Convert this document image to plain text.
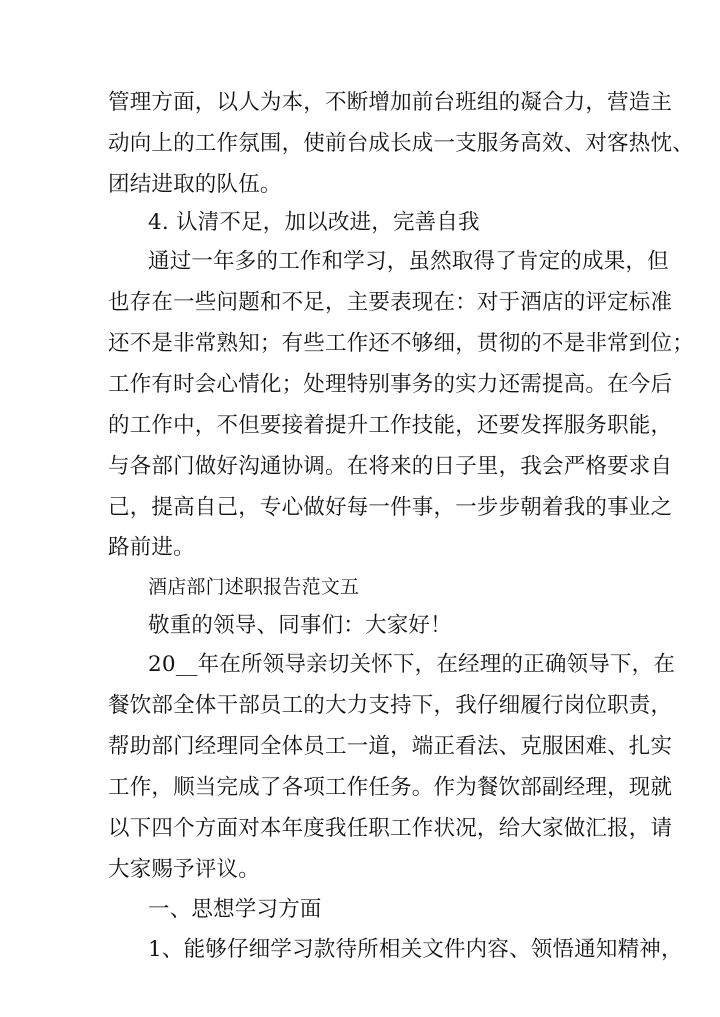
管理方面，以人为本，不断增加前台班组的凝合力，营造主
动向上的工作氛围，使前台成长成一支服务高效、对客热忱、
团结进取的队伍。
4. 认清不足，加以改进，完善自我
通过一年多的工作和学习，虽然取得了肯定的成果，但
也存在一些问题和不足，主要表现在：对于酒店的评定标准
还不是非常熟知；有些工作还不够细，贯彻的不是非常到位；
工作有时会心情化；处理特别事务的实力还需提高。在今后
的工作中，不但要接着提升工作技能，还要发挥服务职能，
与各部门做好沟通协调。在将来的日子里，我会严格要求自
己，提高自己，专心做好每一件事，一步步朝着我的事业之
路前进。
酒店部门述职报告范文五
敬重的领导、同事们：大家好！
20__年在所领导亲切关怀下，在经理的正确领导下，在
餐饮部全体干部员工的大力支持下，我仔细履行岗位职责，
帮助部门经理同全体员工一道，端正看法、克服困难、扎实
工作，顺当完成了各项工作任务。作为餐饮部副经理，现就
以下四个方面对本年度我任职工作状况，给大家做汇报，请
大家赐予评议。
一、思想学习方面
1、能够仔细学习款待所相关文件内容、领悟通知精神，
